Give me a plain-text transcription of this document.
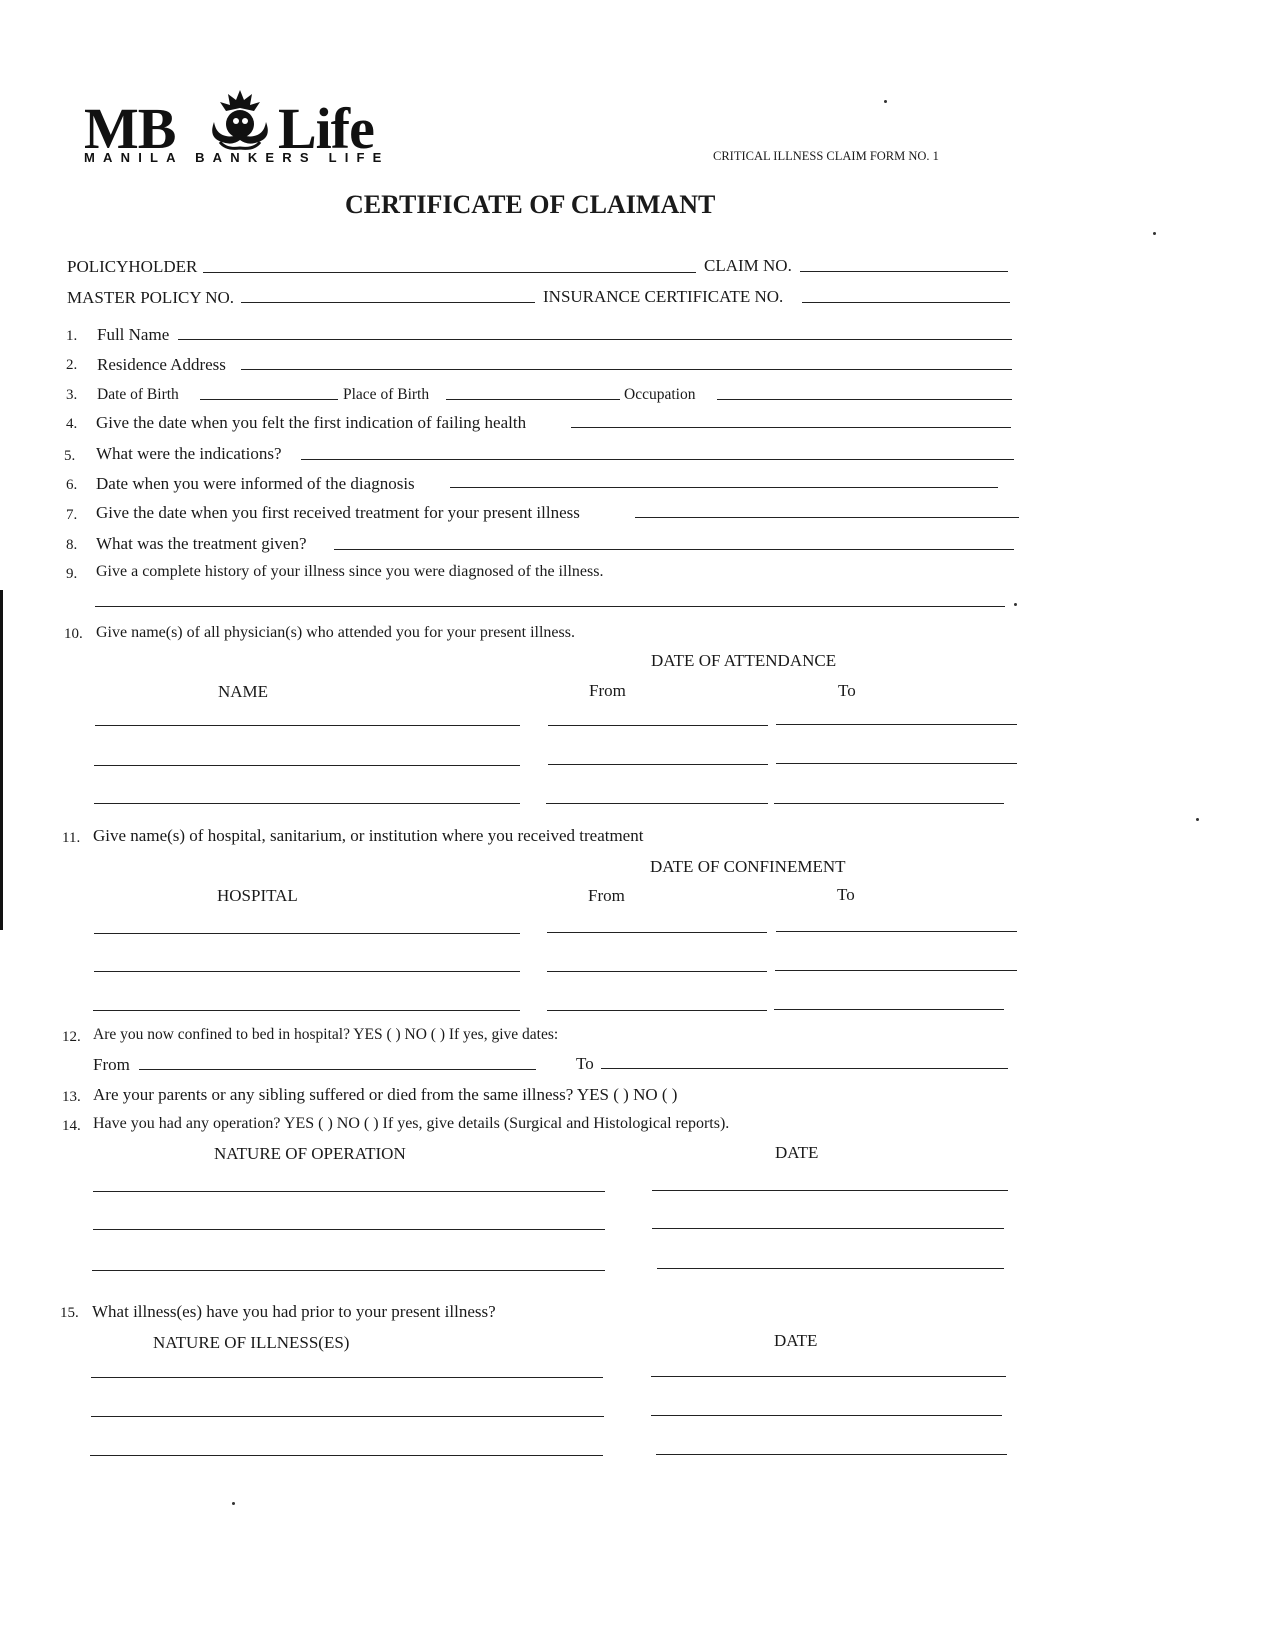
MB Life
MANILA BANKERS LIFE	CRITICAL ILLNESS CLAIM FORM NO. 1
CERTIFICATE OF CLAIMANT
POLICYHOLDER	CLAIM NO.
MASTER POLICY NO.	INSURANCE CERTIFICATE NO.
1. Full Name
2. Residence Address
3. Date of Birth	Place of Birth	Occupation
4. Give the date when you felt the first indication of failing health
5. What were the indications?
6. Date when you were informed of the diagnosis
7. Give the date when you first received treatment for your present illness
8. What was the treatment given?
9. Give a complete history of your illness since you were diagnosed of the illness.
10. Give name(s) of all physician(s) who attended you for your present illness.
DATE OF ATTENDANCE
NAME	From	To
11. Give name(s) of hospital, sanitarium, or institution where you received treatment
DATE OF CONFINEMENT
HOSPITAL	From	To
12. Are you now confined to bed in hospital? YES ( ) NO ( ) If yes, give dates:
From	To
13. Are your parents or any sibling suffered or died from the same illness? YES ( ) NO ( )
14. Have you had any operation? YES ( ) NO ( ) If yes, give details (Surgical and Histological reports).
NATURE OF OPERATION	DATE
15. What illness(es) have you had prior to your present illness?
NATURE OF ILLNESS(ES)	DATE
